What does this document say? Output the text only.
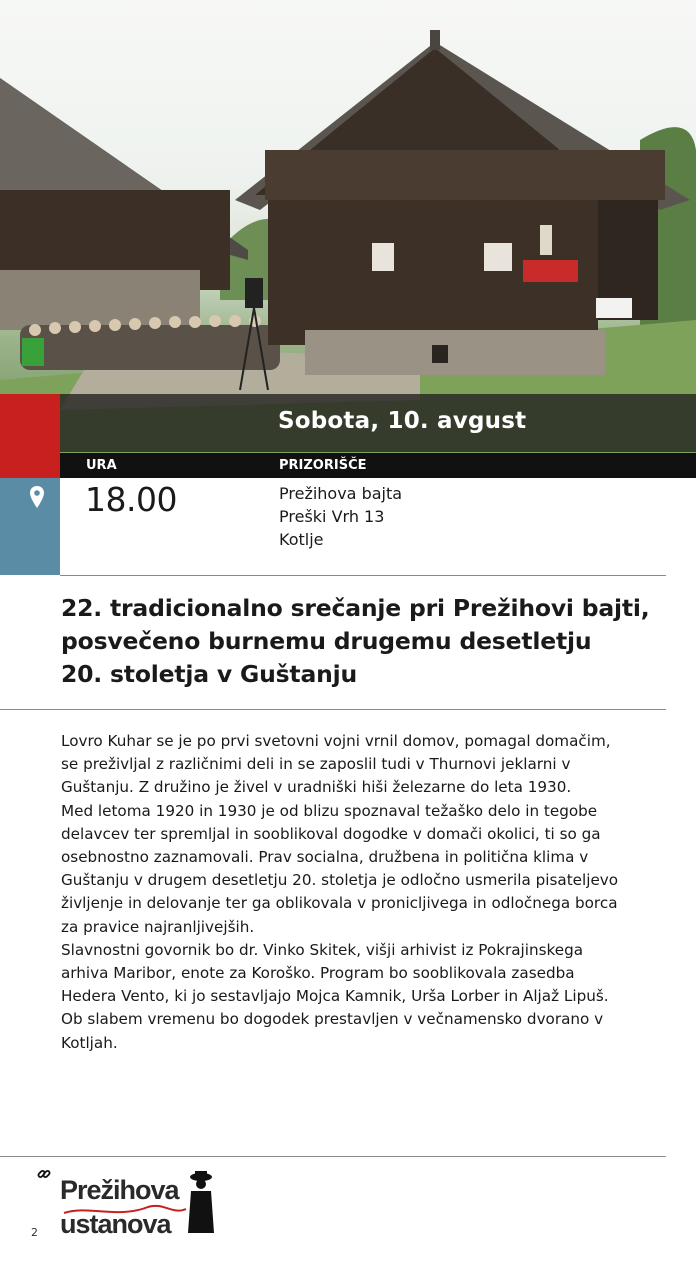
Sobota, 10. avgust
URA	PRIZORIŠČE
18.00	Prežihova bajta
Preški Vrh 13
Kotlje
22. tradicionalno srečanje pri Prežihovi bajti,
posvečeno burnemu drugemu desetletju
20. stoletja v Guštanju
Lovro Kuhar se je po prvi svetovni vojni vrnil domov, pomagal domačim,
se preživljal z različnimi deli in se zaposlil tudi v Thurnovi jeklarni v
Guštanju. Z družino je živel v uradniški hiši železarne do leta 1930.
Med letoma 1920 in 1930 je od blizu spoznaval težaško delo in tegobe
delavcev ter spremljal in sooblikoval dogodke v domači okolici, ti so ga
osebnostno zaznamovali. Prav socialna, družbena in politična klima v
Guštanju v drugem desetletju 20. stoletja je odločno usmerila pisateljevo
življenje in delovanje ter ga oblikovala v proniclјivega in odločnega borca
za pravice najranljivejših.
Slavnostni govornik bo dr. Vinko Skitek, višji arhivist iz Pokrajinskega
arhiva Maribor, enote za Koroško. Program bo sooblikovala zasedba
Hedera Vento, ki jo sestavljajo Mojca Kamnik, Urša Lorber in Aljaž Lipuš.
Ob slabem vremenu bo dogodek prestavljen v večnamensko dvorano v
Kotljah.
Prežihova
ustanova
2
